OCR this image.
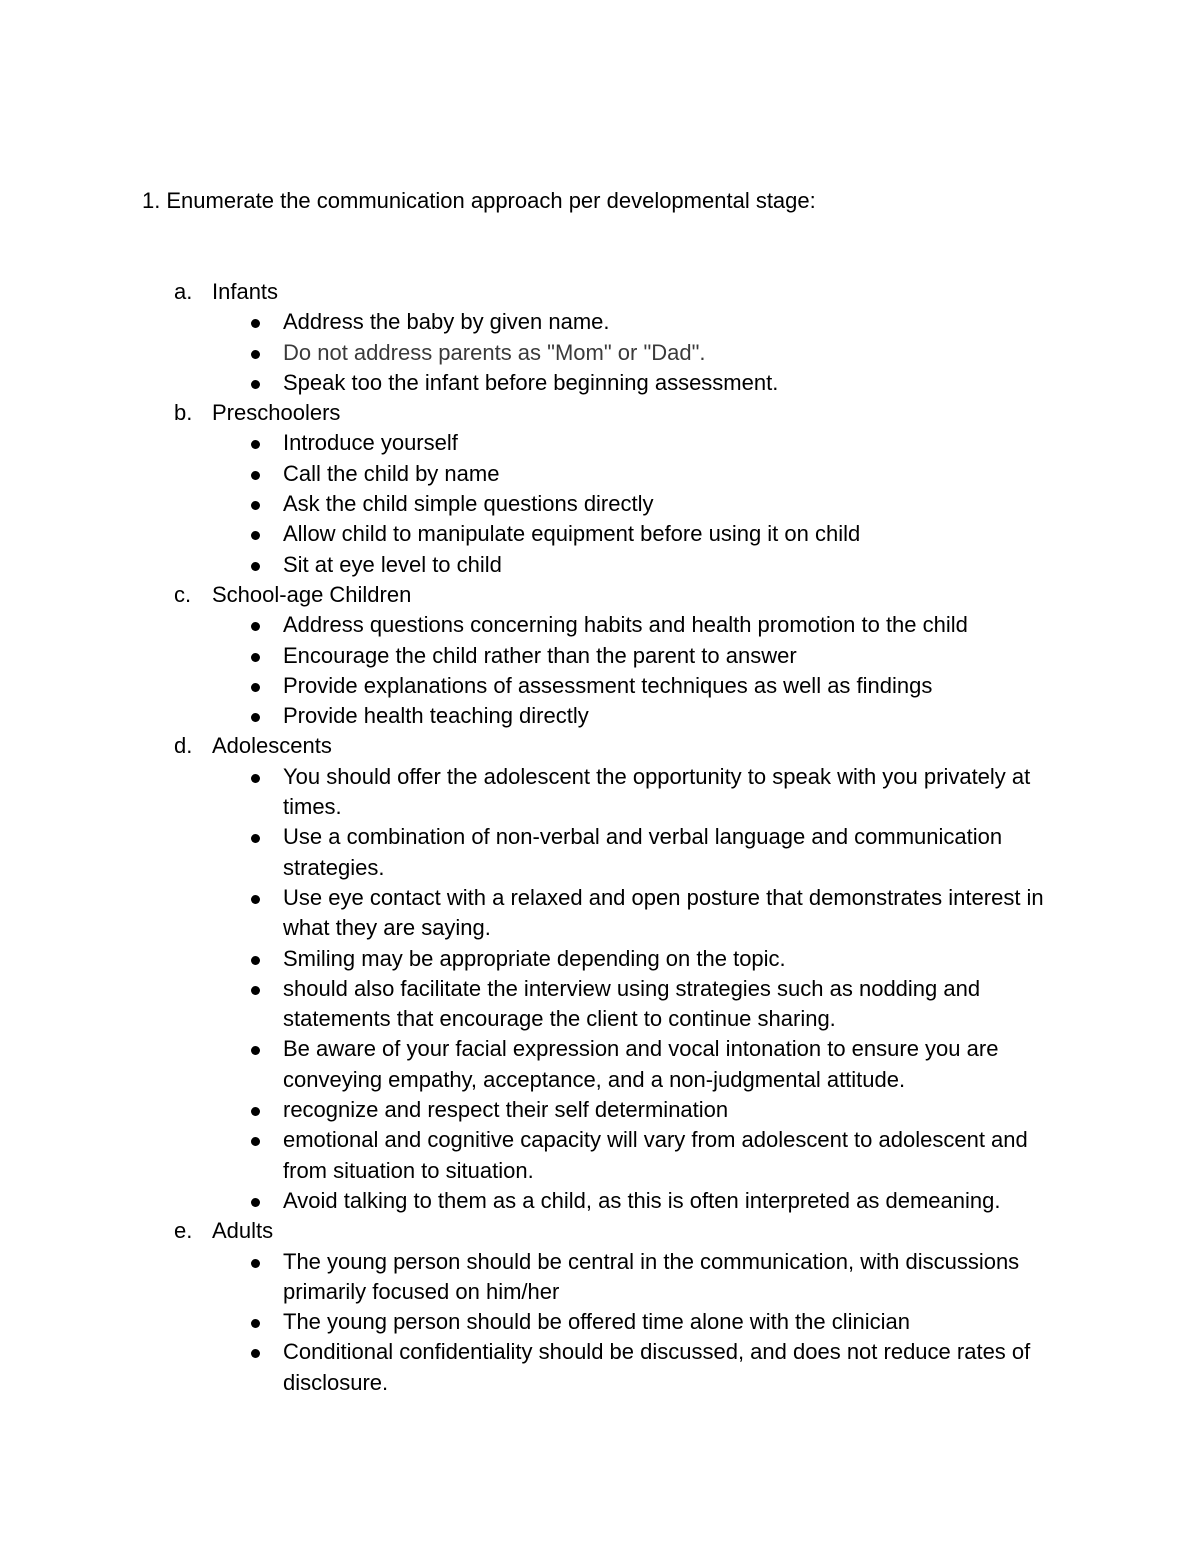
1. Enumerate the communication approach per developmental stage:
a. Infants
Address the baby by given name.
Do not address parents as "Mom" or "Dad".
Speak too the infant before beginning assessment.
b. Preschoolers
Introduce yourself
Call the child by name
Ask the child simple questions directly
Allow child to manipulate equipment before using it on child
Sit at eye level to child
c. School-age Children
Address questions concerning habits and health promotion to the child
Encourage the child rather than the parent to answer
Provide explanations of assessment techniques as well as findings
Provide health teaching directly
d. Adolescents
You should offer the adolescent the opportunity to speak with you privately at times.
Use a combination of non-verbal and verbal language and communication strategies.
Use eye contact with a relaxed and open posture that demonstrates interest in what they are saying.
Smiling may be appropriate depending on the topic.
should also facilitate the interview using strategies such as nodding and statements that encourage the client to continue sharing.
Be aware of your facial expression and vocal intonation to ensure you are conveying empathy, acceptance, and a non-judgmental attitude.
recognize and respect their self determination
emotional and cognitive capacity will vary from adolescent to adolescent and from situation to situation.
Avoid talking to them as a child, as this is often interpreted as demeaning.
e. Adults
The young person should be central in the communication, with discussions primarily focused on him/her
The young person should be offered time alone with the clinician
Conditional confidentiality should be discussed, and does not reduce rates of disclosure.
